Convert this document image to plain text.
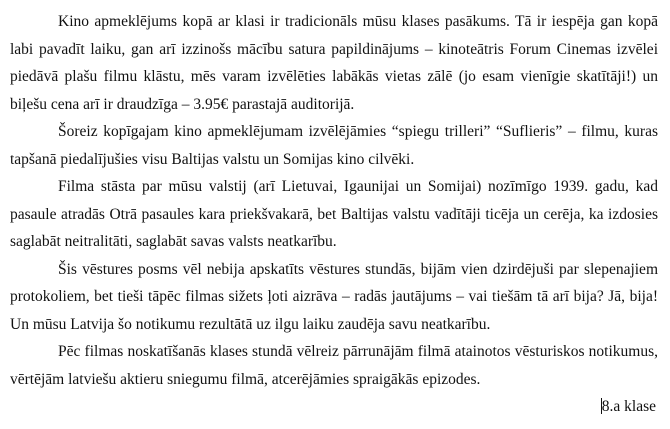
Kino apmeklējums kopā ar klasi ir tradicionāls mūsu klases pasākums. Tā ir iespēja gan kopā labi pavadīt laiku, gan arī izzinošs mācību satura papildinājums – kinoteātris Forum Cinemas izvēlei piedāvā plašu filmu klāstu, mēs varam izvēlēties labākās vietas zālē (jo esam vienīgie skatītāji!) un biļešu cena arī ir draudzīga – 3.95€ parastajā auditorijā.

Šoreiz kopīgajam kino apmeklējumam izvēlējāmies “spiegu trilleri” “Suflieris” – filmu, kuras tapšanā piedalījušies visu Baltijas valstu un Somijas kino cilvēki.

Filma stāsta par mūsu valstij (arī Lietuvai, Igaunijai un Somijai) nozīmīgo 1939. gadu, kad pasaule atradās Otrā pasaules kara priekšvakarā, bet Baltijas valstu vadītāji ticēja un cerēja, ka izdosies saglabāt neitralitāti, saglabāt savas valsts neatkarību.

Šis vēstures posms vēl nebija apskatīts vēstures stundās, bijām vien dzirdējuši par slepenajiem protokoliem, bet tieši tāpēc filmas sižets ļoti aizrāva – radās jautājums – vai tiešām tā arī bija? Jā, bija! Un mūsu Latvija šo notikumu rezultātā uz ilgu laiku zaudēja savu neatkarību.

Pēc filmas noskatīšanās klases stundā vēlreiz pārrunājām filmā atainotos vēsturiskos notikumus, vērtējām latviešu aktieru sniegumu filmā, atcerējāmies spraigākās epizodes.

8.a klase
